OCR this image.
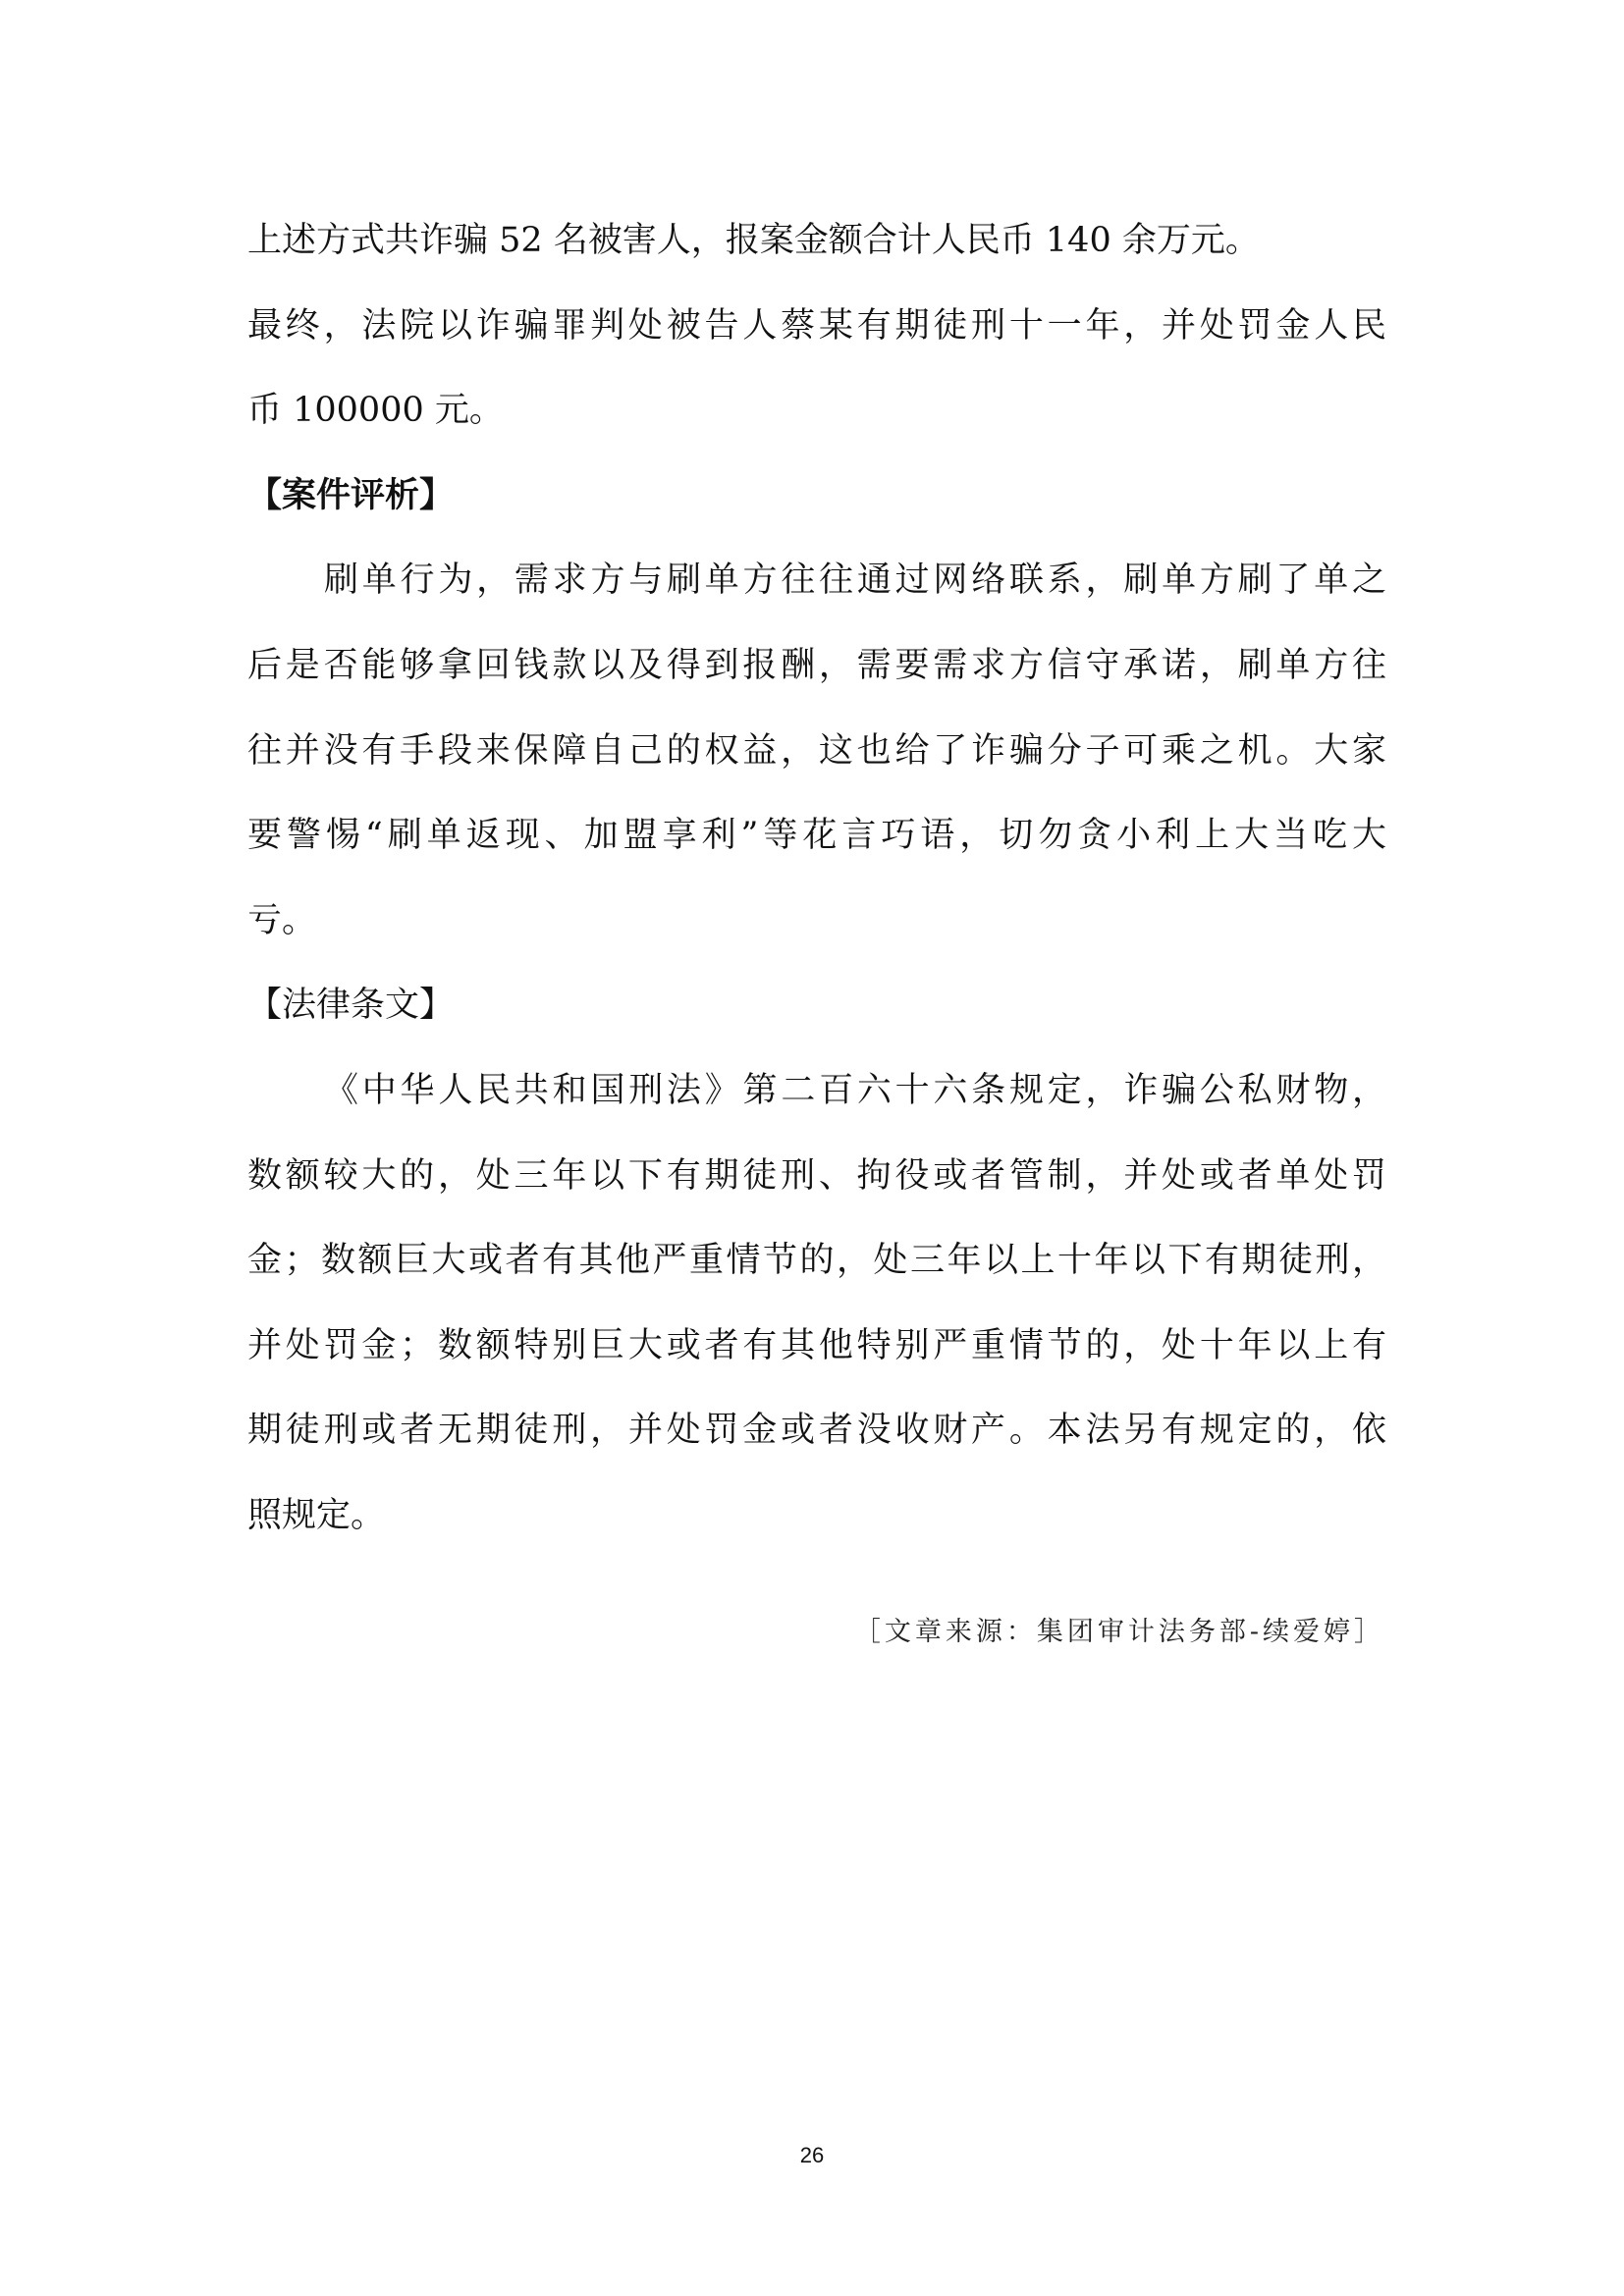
上述方式共诈骗 52 名被害人，报案金额合计人民币 140 余万元。
最终，法院以诈骗罪判处被告人蔡某有期徒刑十一年，并处罚金人民
币 100000 元。
【案件评析】
刷单行为，需求方与刷单方往往通过网络联系，刷单方刷了单之
后是否能够拿回钱款以及得到报酬，需要需求方信守承诺，刷单方往
往并没有手段来保障自己的权益，这也给了诈骗分子可乘之机。大家
要警惕“刷单返现、加盟享利”等花言巧语，切勿贪小利上大当吃大
亏。
【法律条文】
《中华人民共和国刑法》第二百六十六条规定，诈骗公私财物，
数额较大的，处三年以下有期徒刑、拘役或者管制，并处或者单处罚
金；数额巨大或者有其他严重情节的，处三年以上十年以下有期徒刑，
并处罚金；数额特别巨大或者有其他特别严重情节的，处十年以上有
期徒刑或者无期徒刑，并处罚金或者没收财产。本法另有规定的，依
照规定。
［文章来源：集团审计法务部-续爱婷］
26
